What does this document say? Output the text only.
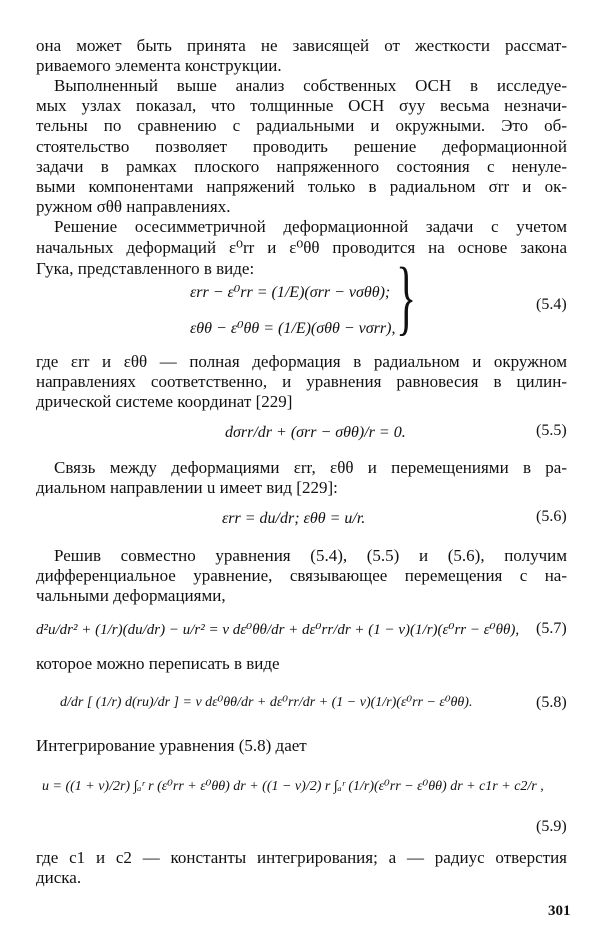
она может быть принята не зависящей от жесткости рассмат-
риваемого элемента конструкции.
Выполненный выше анализ собственных ОСН в исследуе-
мых узлах показал, что толщинные ОСН σyy весьма незначи-
тельны по сравнению с радиальными и окружными. Это об-
стоятельство позволяет проводить решение деформационной
задачи в рамках плоского напряженного состояния с ненуле-
выми компонентами напряжений только в радиальном σrr и ок-
ружном σθθ направлениях.
Решение осесимметричной деформационной задачи с учетом
начальных деформаций ε⁰rr и ε⁰θθ проводится на основе закона
Гука, представленного в виде:
εrr − ε⁰rr = (1/E)(σrr − νσθθ);
εθθ − ε⁰θθ = (1/E)(σθθ − νσrr), }	(5.4)
где εrr и εθθ — полная деформация в радиальном и окружном
направлениях соответственно, и уравнения равновесия в цилин-
дрической системе координат [229]
dσrr/dr + (σrr − σθθ)/r = 0.	(5.5)
Связь между деформациями εrr, εθθ и перемещениями в ра-
диальном направлении u имеет вид [229]:
εrr = du/dr; εθθ = u/r.	(5.6)
Решив совместно уравнения (5.4), (5.5) и (5.6), получим
дифференциальное уравнение, связывающее перемещения с на-
чальными деформациями,
d²u/dr² + (1/r)(du/dr) − u/r² = ν dε⁰θθ/dr + dε⁰rr/dr + (1 − ν)(1/r)(ε⁰rr − ε⁰θθ), (5.7)
которое можно переписать в виде
d/dr [ (1/r) d(ru)/dr ] = ν dε⁰θθ/dr + dε⁰rr/dr + (1 − ν)(1/r)(ε⁰rr − ε⁰θθ).	(5.8)
Интегрирование уравнения (5.8) дает
u = ((1 + ν)/2r) ∫ₐʳ r (ε⁰rr + ε⁰θθ) dr + ((1 − ν)/2) r ∫ₐʳ (1/r)(ε⁰rr − ε⁰θθ) dr + c1r + c2/r ,
(5.9)
где c1 и c2 — константы интегрирования; a — радиус отверстия
диска.
301
